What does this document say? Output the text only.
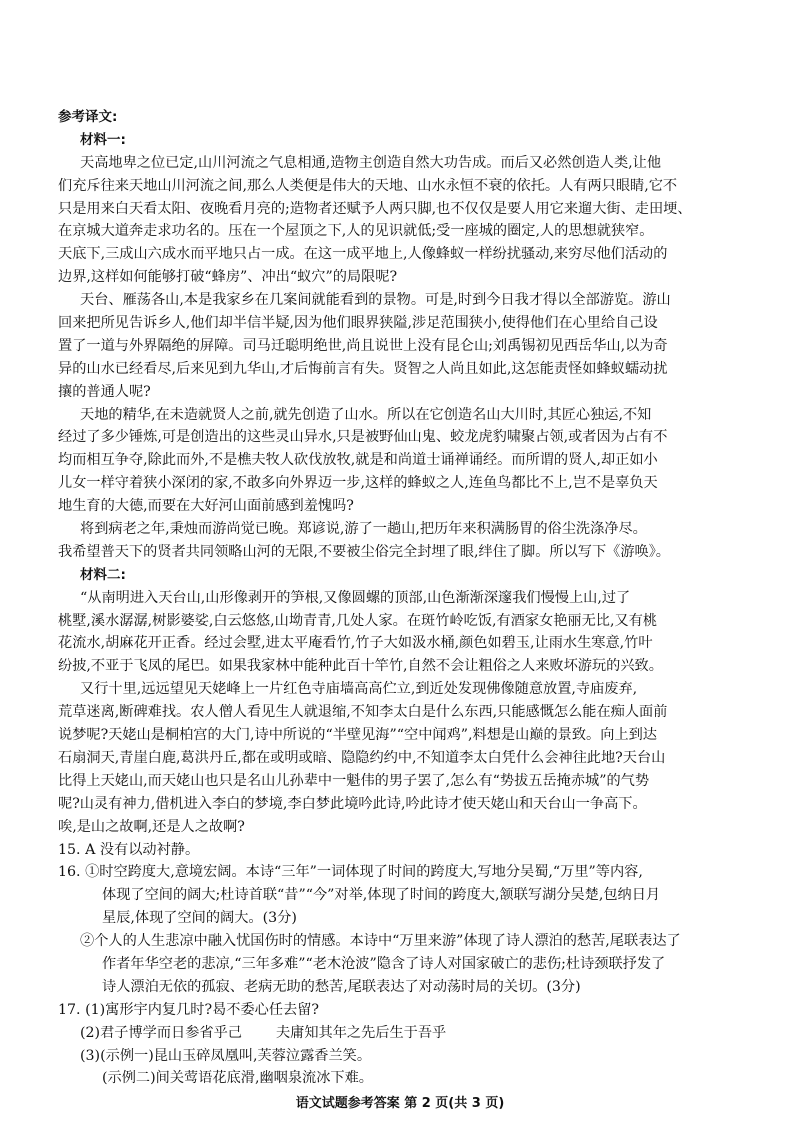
参考译文:
材料一:
天高地卑之位已定,山川河流之气息相通,造物主创造自然大功告成。而后又必然创造人类,让他
们充斥往来天地山川河流之间,那么人类便是伟大的天地、山水永恒不衰的依托。人有两只眼睛,它不
只是用来白天看太阳、夜晚看月亮的;造物者还赋予人两只脚,也不仅仅是要人用它来遛大街、走田埂、
在京城大道奔走求功名的。压在一个屋顶之下,人的见识就低;受一座城的圈定,人的思想就狭窄。
天底下,三成山六成水而平地只占一成。在这一成平地上,人像蜂蚁一样纷扰骚动,来穷尽他们活动的
边界,这样如何能够打破“蜂房”、冲出“蚁穴”的局限呢?
天台、雁荡各山,本是我家乡在几案间就能看到的景物。可是,时到今日我才得以全部游览。游山
回来把所见告诉乡人,他们却半信半疑,因为他们眼界狭隘,涉足范围狭小,使得他们在心里给自己设
置了一道与外界隔绝的屏障。司马迁聪明绝世,尚且说世上没有昆仑山;刘禹锡初见西岳华山,以为奇
异的山水已经看尽,后来见到九华山,才后悔前言有失。贤智之人尚且如此,这怎能责怪如蜂蚁蠕动扰
攘的普通人呢?
天地的精华,在未造就贤人之前,就先创造了山水。所以在它创造名山大川时,其匠心独运,不知
经过了多少锤炼,可是创造出的这些灵山异水,只是被野仙山鬼、蛟龙虎豹啸聚占领,或者因为占有不
均而相互争夺,除此而外,不是樵夫牧人砍伐放牧,就是和尚道士诵禅诵经。而所谓的贤人,却正如小
儿女一样守着狭小深闭的家,不敢多向外界迈一步,这样的蜂蚁之人,连鱼鸟都比不上,岂不是辜负天
地生育的大德,而要在大好河山面前感到羞愧吗?
将到病老之年,秉烛而游尚觉已晚。郑谚说,游了一趟山,把历年来积满肠胃的俗尘洗涤净尽。
我希望普天下的贤者共同领略山河的无限,不要被尘俗完全封埋了眼,绊住了脚。所以写下《游唤》。
材料二:
“从南明进入天台山,山形像剥开的笋根,又像圆螺的顶部,山色渐渐深邃我们慢慢上山,过了
桃墅,溪水潺潺,树影婆娑,白云悠悠,山坳青青,几处人家。在斑竹岭吃饭,有酒家女艳丽无比,又有桃
花流水,胡麻花开正香。经过会墅,进太平庵看竹,竹子大如汲水桶,颜色如碧玉,让雨水生寒意,竹叶
纷披,不亚于飞凤的尾巴。如果我家林中能种此百十竿竹,自然不会让粗俗之人来败坏游玩的兴致。
又行十里,远远望见天姥峰上一片红色寺庙墙高高伫立,到近处发现佛像随意放置,寺庙废弃,
荒草迷离,断碑难找。农人僧人看见生人就退缩,不知李太白是什么东西,只能感慨怎么能在痴人面前
说梦呢?天姥山是桐柏宫的大门,诗中所说的“半壁见海”“空中闻鸡”,料想是山巅的景致。向上到达
石扇洞天,青崖白鹿,葛洪丹丘,都在或明或暗、隐隐约约中,不知道李太白凭什么会神往此地?天台山
比得上天姥山,而天姥山也只是名山儿孙辈中一魁伟的男子罢了,怎么有“势拔五岳掩赤城”的气势
呢?山灵有神力,借机进入李白的梦境,李白梦此境吟此诗,吟此诗才使天姥山和天台山一争高下。
唉,是山之故啊,还是人之故啊?
15. A 没有以动衬静。
16. ①时空跨度大,意境宏阔。本诗“三年”一词体现了时间的跨度大,写地分吴蜀,“万里”等内容,
体现了空间的阔大;杜诗首联“昔”“今”对举,体现了时间的跨度大,颔联写湖分吴楚,包纳日月
星辰,体现了空间的阔大。(3分)
②个人的人生悲凉中融入忧国伤时的情感。本诗中“万里来游”体现了诗人漂泊的愁苦,尾联表达了
作者年华空老的悲凉,“三年多难”“老木沧波”隐含了诗人对国家破亡的悲伤;杜诗颈联抒发了
诗人漂泊无依的孤寂、老病无助的愁苦,尾联表达了对动荡时局的关切。(3分)
17. (1)寓形宇内复几时?曷不委心任去留?
(2)君子博学而日参省乎己 夫庸知其年之先后生于吾乎
(3)(示例一)昆山玉碎凤凰叫,芙蓉泣露香兰笑。
(示例二)间关莺语花底滑,幽咽泉流冰下难。
语文试题参考答案 第 2 页(共 3 页)
